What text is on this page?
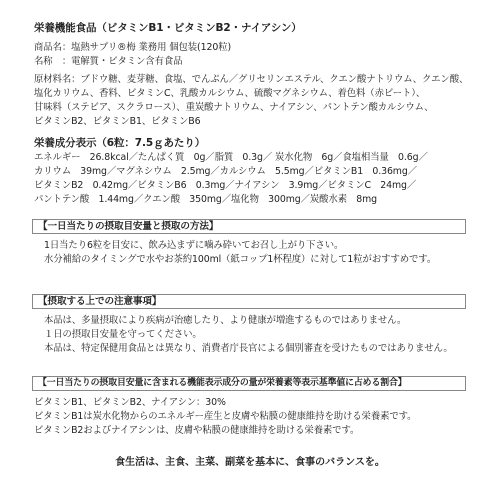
栄養機能食品（ビタミンB1・ビタミンB2・ナイアシン）
商品名：塩熱サプリ®梅 業務用 個包装(120粒)
名称　：電解質・ビタミン含有食品
原材料名：ブドウ糖、麦芽糖、食塩、でんぷん／グリセリンエステル、クエン酸ナトリウム、クエン酸、
塩化カリウム、香料、ビタミンC、乳酸カルシウム、硫酸マグネシウム、着色料（赤ビート）、
甘味料（ステビア、スクラロース）、重炭酸ナトリウム、ナイアシン、パントテン酸カルシウム、
ビタミンB2、ビタミンB1、ビタミンB6
栄養成分表示（6粒：7.5ｇあたり）
エネルギー　26.8kcal／たんぱく質　0g／脂質　0.3g／ 炭水化物　6g／食塩相当量　0.6g／
カリウム　39mg／マグネシウム　2.5mg／カルシウム　5.5mg／ビタミンB1　0.36mg／
ビタミンB2　0.42mg／ビタミンB6　0.3mg／ナイアシン　3.9mg／ビタミンC　24mg／
パントテン酸　1.44mg／クエン酸　350mg／塩化物　300mg／炭酸水素　8mg
【一日当たりの摂取目安量と摂取の方法】
1日当たり6粒を目安に、飲み込まずに噛み砕いてお召し上がり下さい。
水分補給のタイミングで水やお茶約100ml（紙コップ1杯程度）に対して1粒がおすすめです。
【摂取する上での注意事項】
本品は、多量摂取により疾病が治癒したり、より健康が増進するものではありません。
１日の摂取目安量を守ってください。
本品は、特定保健用食品とは異なり、消費者庁長官による個別審査を受けたものではありません。
【一日当たりの摂取目安量に含まれる機能表示成分の量が栄養素等表示基準値に占める割合】
ビタミンB1、ビタミンB2、ナイアシン：30%
ビタミンB1は炭水化物からのエネルギー産生と皮膚や粘膜の健康維持を助ける栄養素です。
ビタミンB2およびナイアシンは、皮膚や粘膜の健康維持を助ける栄養素です。
食生活は、主食、主菜、副菜を基本に、食事のバランスを。
